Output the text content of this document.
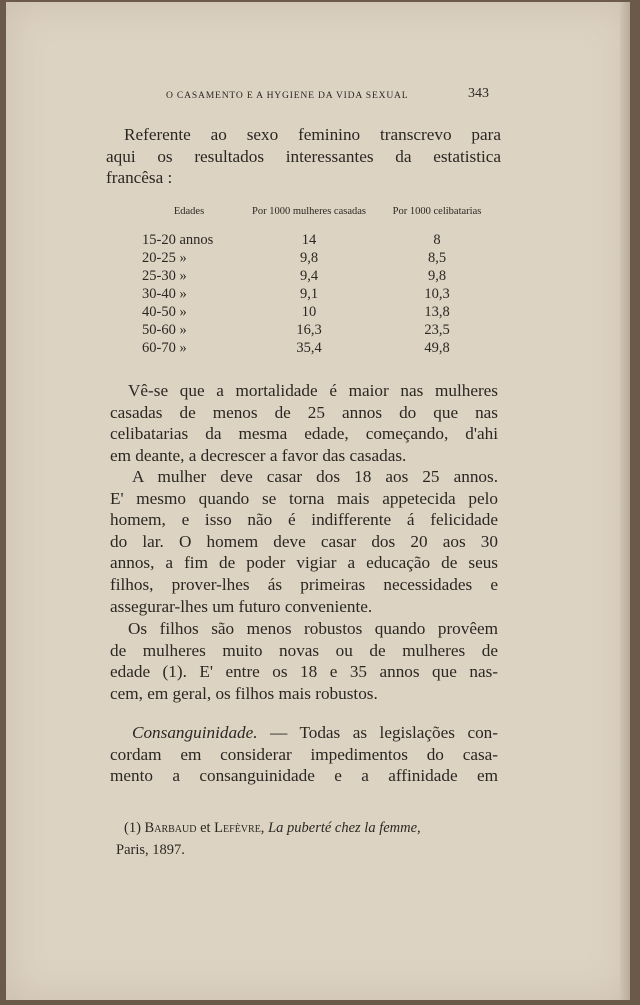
O CASAMENTO E A HYGIENE DA VIDA SEXUAL	343
Referente ao sexo feminino transcrevo para
aqui os resultados interessantes da estatistica
francêsa :
Edades	Por 1000 mulheres casadas	Por 1000 celibatarias
15-20 annos	14	8
20-25 »	9,8	8,5
25-30 »	9,4	9,8
30-40 »	9,1	10,3
40-50 »	10	13,8
50-60 »	16,3	23,5
60-70 »	35,4	49,8
Vê-se que a mortalidade é maior nas mulheres
casadas de menos de 25 annos do que nas
celibatarias da mesma edade, começando, d'ahi
em deante, a decrescer a favor das casadas.
A mulher deve casar dos 18 aos 25 annos.
E' mesmo quando se torna mais appetecida pelo
homem, e isso não é indifferente á felicidade
do lar. O homem deve casar dos 20 aos 30
annos, a fim de poder vigiar a educação de seus
filhos, prover-lhes ás primeiras necessidades e
assegurar-lhes um futuro conveniente.
Os filhos são menos robustos quando provêem
de mulheres muito novas ou de mulheres de
edade (1). E' entre os 18 e 35 annos que nas-
cem, em geral, os filhos mais robustos.
Consanguinidade. — Todas as legislações con-
cordam em considerar impedimentos do casa-
mento a consanguinidade e a affinidade em
(1) Barbaud et Lefèvre, La puberté chez la femme,
Paris, 1897.
